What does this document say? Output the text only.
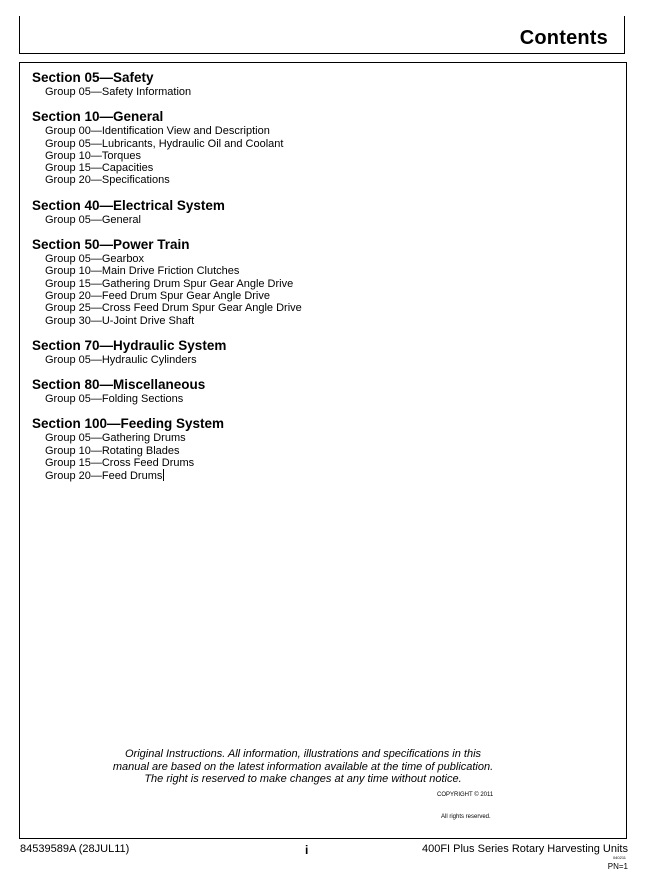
Contents
Section 05—Safety
Group 05—Safety Information
Section 10—General
Group 00—Identification View and Description
Group 05—Lubricants, Hydraulic Oil and Coolant
Group 10—Torques
Group 15—Capacities
Group 20—Specifications
Section 40—Electrical System
Group 05—General
Section 50—Power Train
Group 05—Gearbox
Group 10—Main Drive Friction Clutches
Group 15—Gathering Drum Spur Gear Angle Drive
Group 20—Feed Drum Spur Gear Angle Drive
Group 25—Cross Feed Drum Spur Gear Angle Drive
Group 30—U-Joint Drive Shaft
Section 70—Hydraulic System
Group 05—Hydraulic Cylinders
Section 80—Miscellaneous
Group 05—Folding Sections
Section 100—Feeding System
Group 05—Gathering Drums
Group 10—Rotating Blades
Group 15—Cross Feed Drums
Group 20—Feed Drums
Original Instructions. All information, illustrations and specifications in this
manual are based on the latest information available at the time of publication.
The right is reserved to make changes at any time without notice.
COPYRIGHT © 2011
All rights reserved.
84539589A (28JUL11)	i	400FI Plus Series Rotary Harvesting Units
040211
PN=1
